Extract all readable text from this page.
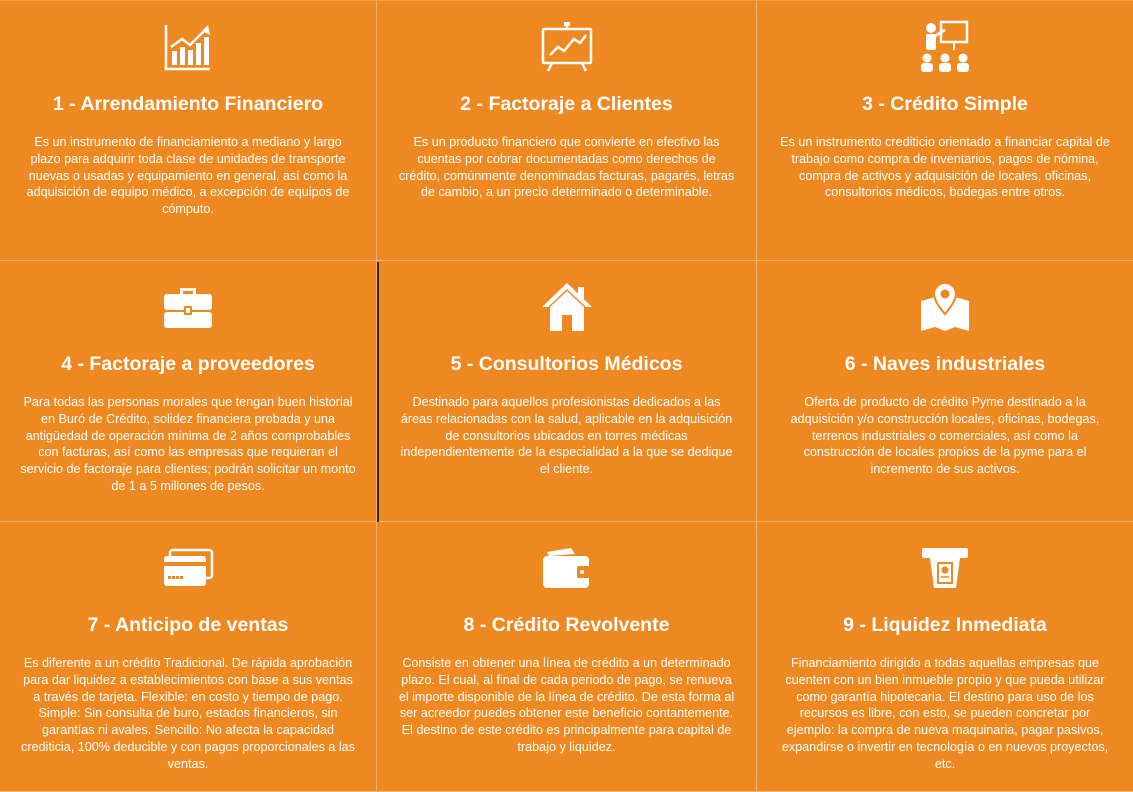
1 - Arrendamiento Financiero
Es un instrumento de financiamiento a mediano y largo plazo para adquirir toda clase de unidades de transporte nuevas o usadas y equipamiento en general, así como la adquisición de equipo médico, a excepción de equipos de cómputo.
2 - Factoraje a Clientes
Es un producto financiero que convierte en efectivo las cuentas por cobrar documentadas como derechos de crédito, comúnmente denominadas facturas, pagarés, letras de cambio, a un precio determinado o determinable.
3 - Crédito Simple
Es un instrumento crediticio orientado a financiar capital de trabajo como compra de inventarios, pagos de nómina, compra de activos y adquisición de locales, oficinas, consultorios médicos, bodegas entre otros.
4 - Factoraje a proveedores
Para todas las personas morales que tengan buen historial en Buró de Crédito, solidez financiera probada y una antigüedad de operación mínima de 2 años comprobables con facturas, así como las empresas que requieran el servicio de factoraje para clientes; podrán solicitar un monto de 1 a 5 millones de pesos.
5 - Consultorios Médicos
Destinado para aquellos profesionistas dedicados a las áreas relacionadas con la salud, aplicable en la adquisición de consultorios ubicados en torres médicas independientemente de la especialidad a la que se dedique el cliente.
6 - Naves industriales
Oferta de producto de crédito Pyme destinado a la adquisición y/o construcción locales, oficinas, bodegas, terrenos industriales o comerciales, así como la construcción de locales propios de la pyme para el incremento de sus activos.
7 - Anticipo de ventas
Es diferente a un crédito Tradicional. De rápida aprobación para dar liquidez a establecimientos con base a sus ventas a través de tarjeta. Flexible: en costo y tiempo de pago. Simple: Sin consulta de buro, estados financieros, sin garantías ni avales. Sencillo: No afecta la capacidad crediticia, 100% deducible y con pagos proporcionales a las ventas.
8 - Crédito Revolvente
Consiste en obtener una línea de crédito a un determinado plazo. El cual, al final de cada periodo de pago, se renueva el importe disponible de la línea de crédito. De esta forma al ser acreedor puedes obtener este beneficio contantemente. El destino de este crédito es principalmente para capital de trabajo y liquidez.
9 - Liquidez Inmediata
Financiamiento dirigido a todas aquellas empresas que cuenten con un bien inmueble propio y que pueda utilizar como garantía hipotecaria. El destino para uso de los recursos es libre, con esto, se pueden concretar por ejemplo: la compra de nueva maquinaria, pagar pasivos, expandirse o invertir en tecnología o en nuevos proyectos, etc.
